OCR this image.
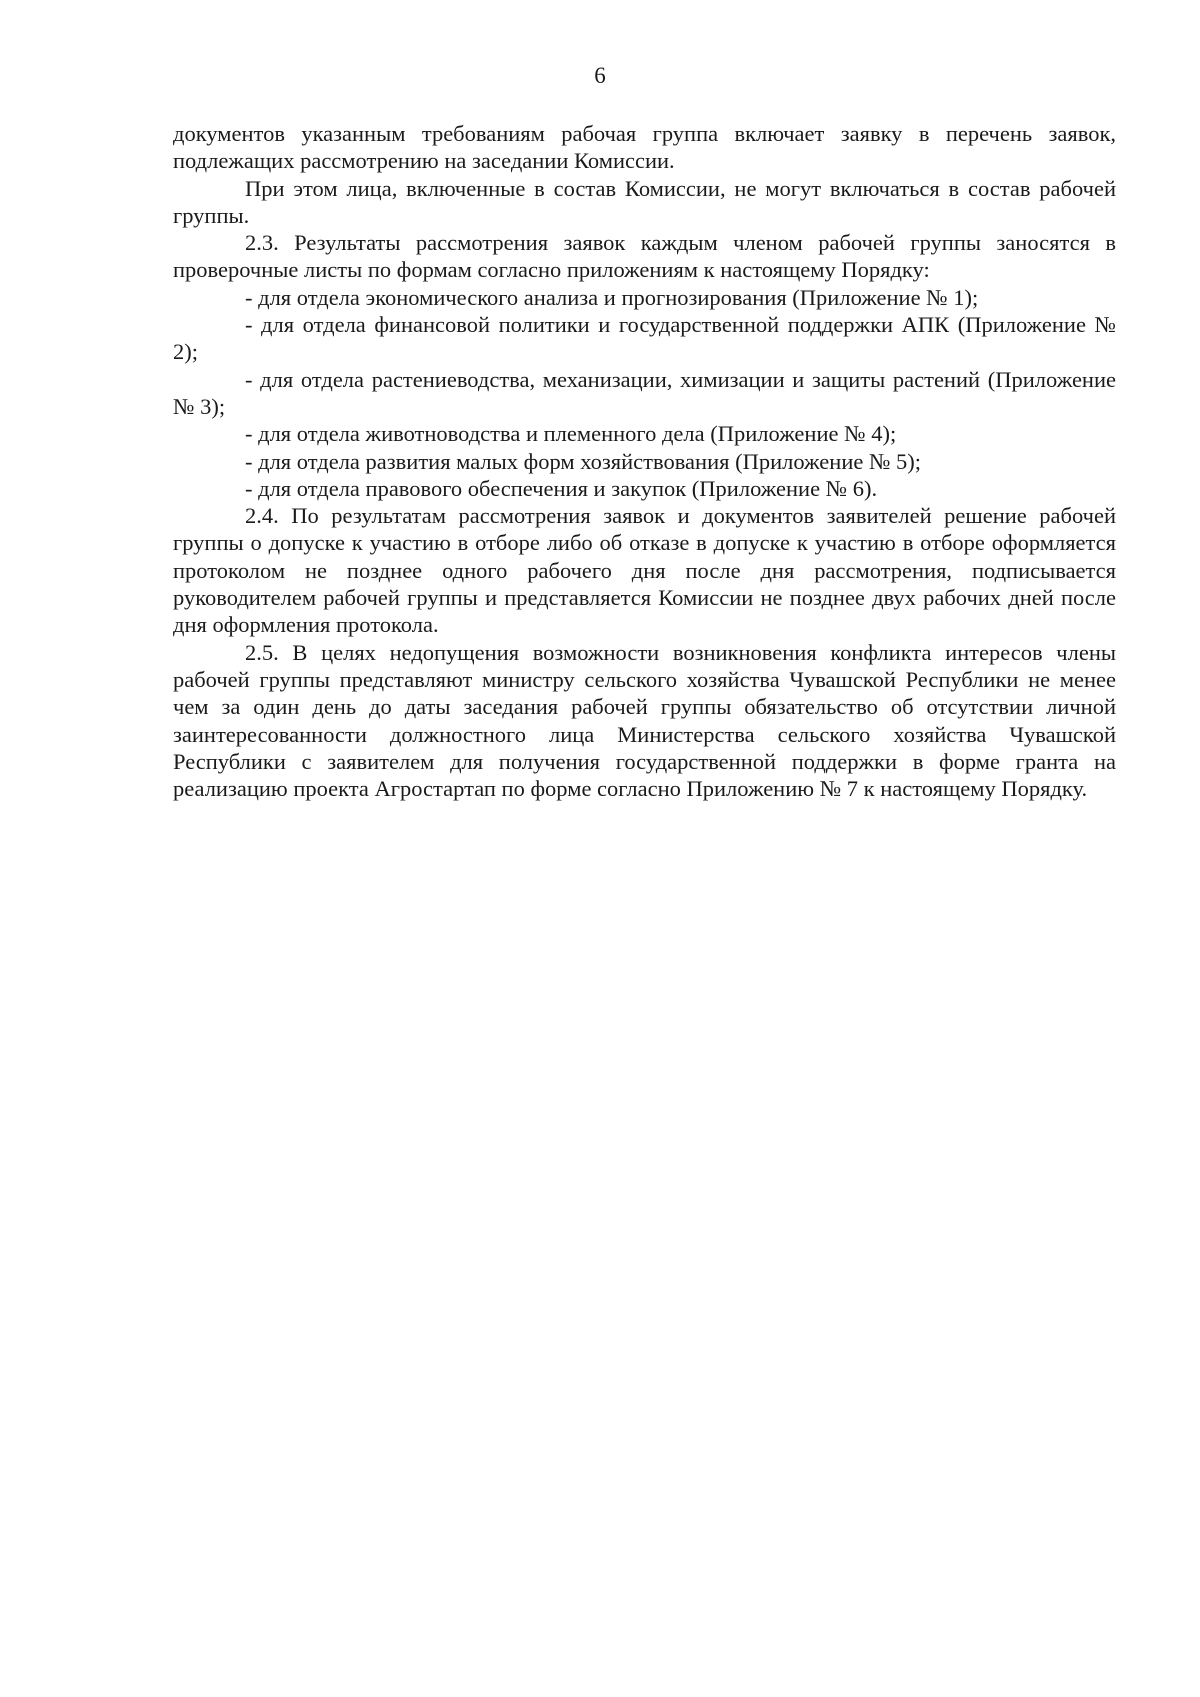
6

документов указанным требованиям рабочая группа включает заявку в перечень заявок, подлежащих рассмотрению на заседании Комиссии.

При этом лица, включенные в состав Комиссии, не могут включаться в состав рабочей группы.

2.3. Результаты рассмотрения заявок каждым членом рабочей группы заносятся в проверочные листы по формам согласно приложениям к настоящему Порядку:

- для отдела экономического анализа и прогнозирования (Приложение № 1);

- для отдела финансовой политики и государственной поддержки АПК (Приложение № 2);

- для отдела растениеводства, механизации, химизации и защиты растений (Приложение № 3);

- для отдела животноводства и племенного дела (Приложение № 4);

- для отдела развития малых форм хозяйствования (Приложение № 5);

- для отдела правового обеспечения и закупок (Приложение № 6).

2.4. По результатам рассмотрения заявок и документов заявителей решение рабочей группы о допуске к участию в отборе либо об отказе в допуске к участию в отборе оформляется протоколом не позднее одного рабочего дня после дня рассмотрения, подписывается руководителем рабочей группы и представляется Комиссии не позднее двух рабочих дней после дня оформления протокола.

2.5. В целях недопущения возможности возникновения конфликта интересов члены рабочей группы представляют министру сельского хозяйства Чувашской Республики не менее чем за один день до даты заседания рабочей группы обязательство об отсутствии личной заинтересованности должностного лица Министерства сельского хозяйства Чувашской Республики с заявителем для получения государственной поддержки в форме гранта на реализацию проекта Агростартап по форме согласно Приложению № 7 к настоящему Порядку.
